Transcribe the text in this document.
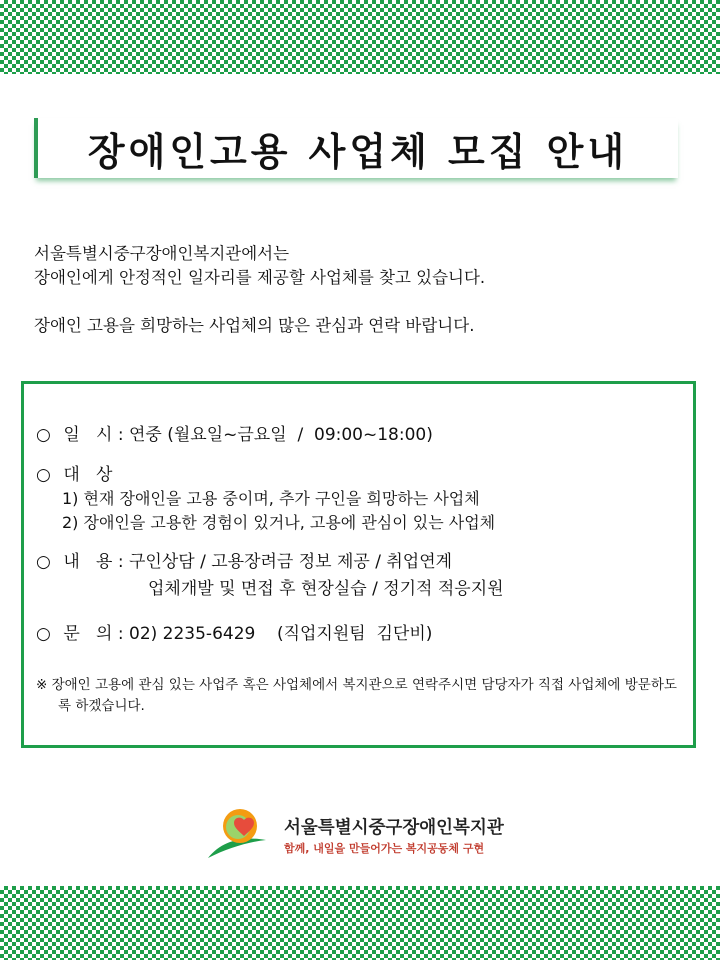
장애인고용 사업체 모집 안내
서울특별시중구장애인복지관에서는
장애인에게 안정적인 일자리를 제공할 사업체를 찾고 있습니다.
장애인 고용을 희망하는 사업체의 많은 관심과 연락 바랍니다.
○ 일   시 : 연중 (월요일~금요일  /  09:00~18:00)
○ 대   상
1) 현재 장애인을 고용 중이며, 추가 구인을 희망하는 사업체
2) 장애인을 고용한 경험이 있거나, 고용에 관심이 있는 사업체
○ 내   용 : 구인상담 / 고용장려금 정보 제공 / 취업연계
업체개발 및 면접 후 현장실습 / 정기적 적응지원
○ 문   의 : 02) 2235-6429    (직업지원팀  김단비)
※ 장애인 고용에 관심 있는 사업주 혹은 사업체에서 복지관으로 연락주시면 담당자가 직접 사업체에 방문하도록 하겠습니다.
서울특별시중구장애인복지관
함께, 내일을 만들어가는 복지공동체 구현
